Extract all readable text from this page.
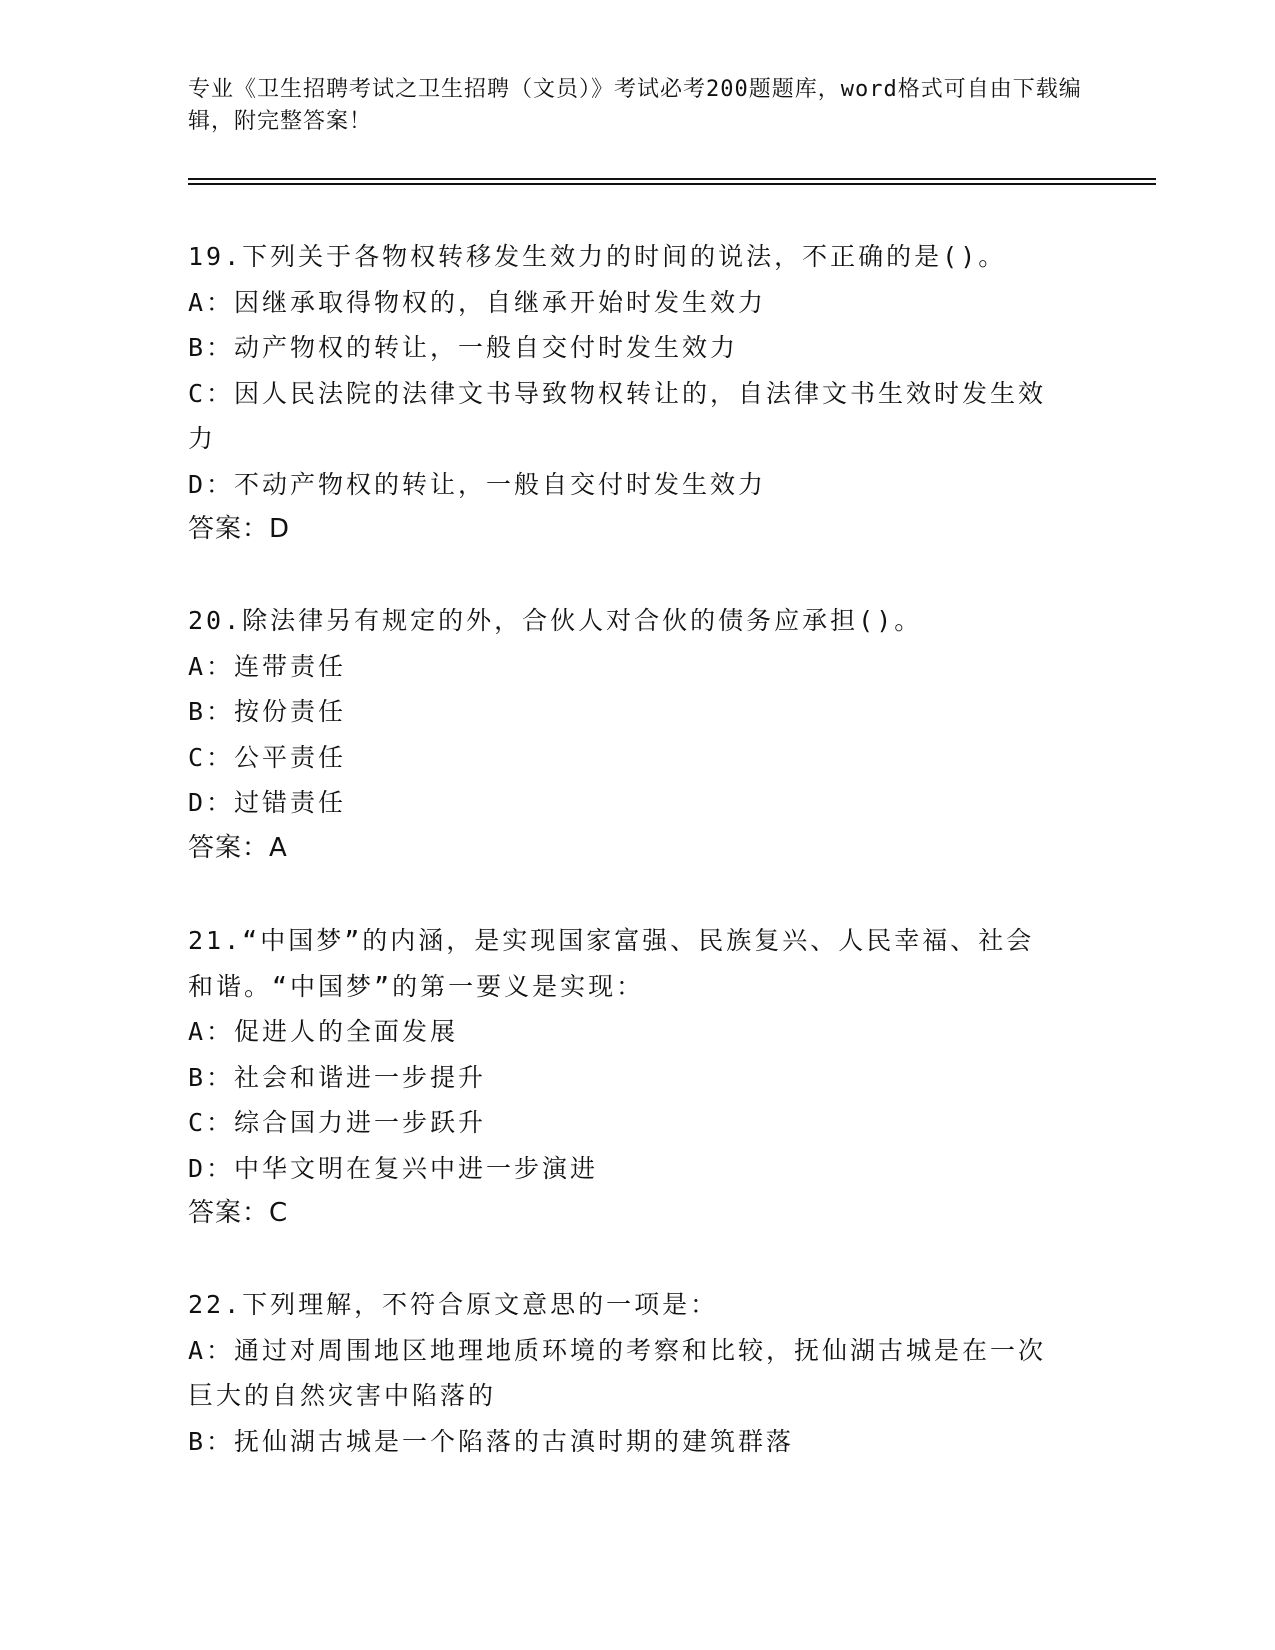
专业《卫生招聘考试之卫生招聘（文员）》考试必考200题题库，word格式可自由下载编辑，附完整答案！
19.下列关于各物权转移发生效力的时间的说法，不正确的是()。
A：因继承取得物权的，自继承开始时发生效力
B：动产物权的转让，一般自交付时发生效力
C：因人民法院的法律文书导致物权转让的，自法律文书生效时发生效
力
D：不动产物权的转让，一般自交付时发生效力
答案：D
20.除法律另有规定的外，合伙人对合伙的债务应承担()。
A：连带责任
B：按份责任
C：公平责任
D：过错责任
答案：A
21.“中国梦”的内涵，是实现国家富强、民族复兴、人民幸福、社会
和谐。“中国梦”的第一要义是实现：
A：促进人的全面发展
B：社会和谐进一步提升
C：综合国力进一步跃升
D：中华文明在复兴中进一步演进
答案：C
22.下列理解，不符合原文意思的一项是：
A：通过对周围地区地理地质环境的考察和比较，抚仙湖古城是在一次
巨大的自然灾害中陷落的
B：抚仙湖古城是一个陷落的古滇时期的建筑群落
